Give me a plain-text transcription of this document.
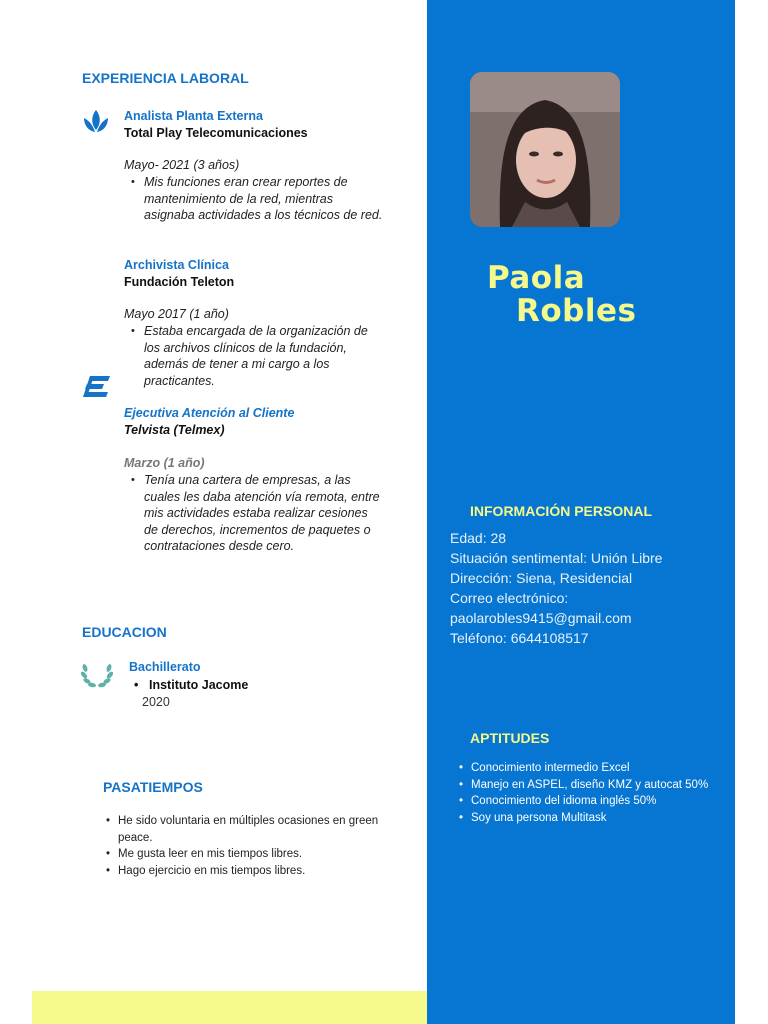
EXPERIENCIA LABORAL
Analista Planta Externa
Total Play Telecomunicaciones
Mayo- 2021 (3 años)
• Mis funciones eran crear reportes de mantenimiento de la red, mientras asignaba actividades a los técnicos de red.
Archivista Clínica
Fundación Teleton
Mayo 2017 (1 año)
• Estaba encargada de la organización de los archivos clínicos de la fundación, además de tener a mi cargo a los practicantes.
Ejecutiva Atención al Cliente
Telvista (Telmex)
Marzo (1 año)
• Tenía una cartera de empresas, a las cuales les daba atención vía remota, entre mis actividades estaba realizar cesiones de derechos, incrementos de paquetes o contrataciones desde cero.
EDUCACION
Bachillerato
• Instituto Jacome
2020
PASATIEMPOS
• He sido voluntaria en múltiples ocasiones en green peace.
• Me gusta leer en mis tiempos libres.
• Hago ejercicio en mis tiempos libres.
Paola
Robles
INFORMACIÓN PERSONAL
Edad: 28
Situación sentimental: Unión Libre
Dirección: Siena, Residencial
Correo electrónico:
paolarobles9415@gmail.com
Teléfono: 6644108517
APTITUDES
• Conocimiento intermedio Excel
• Manejo en ASPEL, diseño KMZ y autocat 50%
• Conocimiento del idioma inglés 50%
• Soy una persona Multitask
